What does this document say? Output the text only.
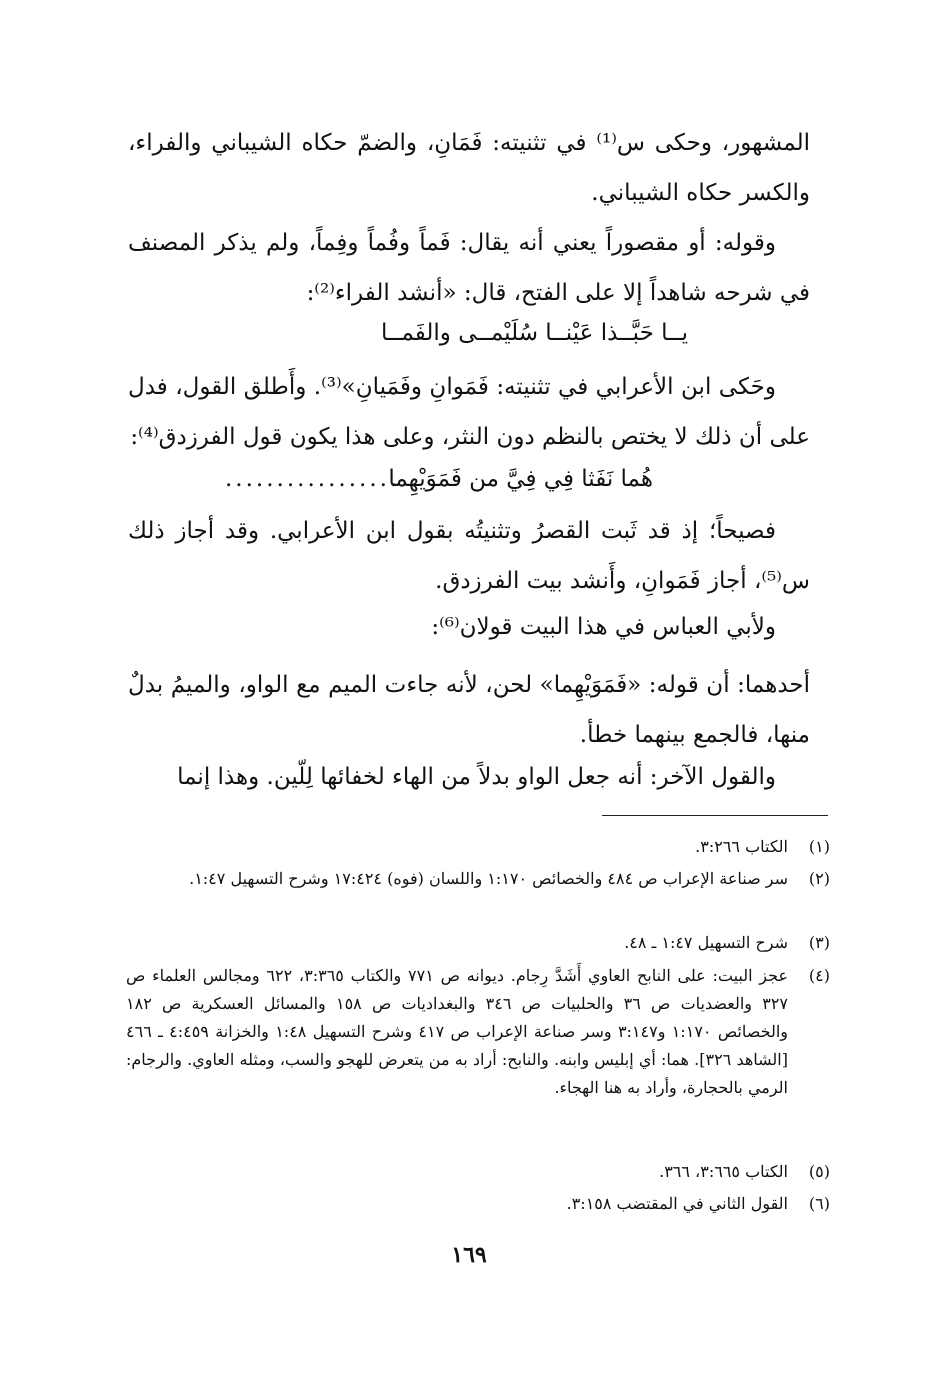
المشهور، وحكى س⁽¹⁾ في تثنيته: فَمَانِ، والضمّ حكاه الشيباني والفراء، والكسر حكاه الشيباني.

وقوله: أو مقصوراً يعني أنه يقال: فَماً وفُماً وفِماً، ولم يذكر المصنف في شرحه شاهداً إلا على الفتح، قال: «أنشد الفراء⁽²⁾:

يــا حَبَّــذا عَيْنــا سُلَيْمــى والفَمــا

وحَكى ابن الأعرابي في تثنيته: فَمَوانِ وفَمَيانِ»⁽³⁾. وأَطلق القول، فدل على أن ذلك لا يختص بالنظم دون النثر، وعلى هذا يكون قول الفرزدق⁽⁴⁾:

هُما نَفَثا فِي فِيَّ من فَمَوَيْهِما
.................

فصيحاً؛ إذ قد ثَبت القصرُ وتثنيتُه بقول ابن الأعرابي. وقد أجاز ذلك س⁽⁵⁾، أجاز فَمَوانِ، وأَنشد بيت الفرزدق.

ولأبي العباس في هذا البيت قولان⁽⁶⁾:

أحدهما: أن قوله: «فَمَوَيْهِما» لحن، لأنه جاءت الميم مع الواو، والميمُ بدلٌ منها، فالجمع بينهما خطأ.

والقول الآخر: أنه جعل الواو بدلاً من الهاء لخفائها لِلّين. وهذا إنما

(١)
الكتاب ٣:٢٦٦.
(٢)
سر صناعة الإعراب ص ٤٨٤ والخصائص ١:١٧٠ واللسان (فوه) ١٧:٤٢٤ وشرح التسهيل ١:٤٧.
(٣)
شرح التسهيل ١:٤٧ ـ ٤٨.
(٤)
عجز البيت: على النابح العاوي أَشَدَّ رِجام. ديوانه ص ٧٧١ والكتاب ٣:٣٦٥، ٦٢٢ ومجالس العلماء ص ٣٢٧ والعضديات ص ٣٦ والحلبيات ص ٣٤٦ والبغداديات ص ١٥٨ والمسائل العسكرية ص ١٨٢ والخصائص ١:١٧٠ و٣:١٤٧ وسر صناعة الإعراب ص ٤١٧ وشرح التسهيل ١:٤٨ والخزانة ٤:٤٥٩ ـ ٤٦٦ [الشاهد ٣٢٦]. هما: أي إبليس وابنه. والنابح: أراد به من يتعرض للهجو والسب، ومثله العاوي. والرجام: الرمي بالحجارة، وأراد به هنا الهجاء.
(٥)
الكتاب ٣:٦٦٥، ٣٦٦.
(٦)
القول الثاني في المقتضب ٣:١٥٨.
١٦٩
